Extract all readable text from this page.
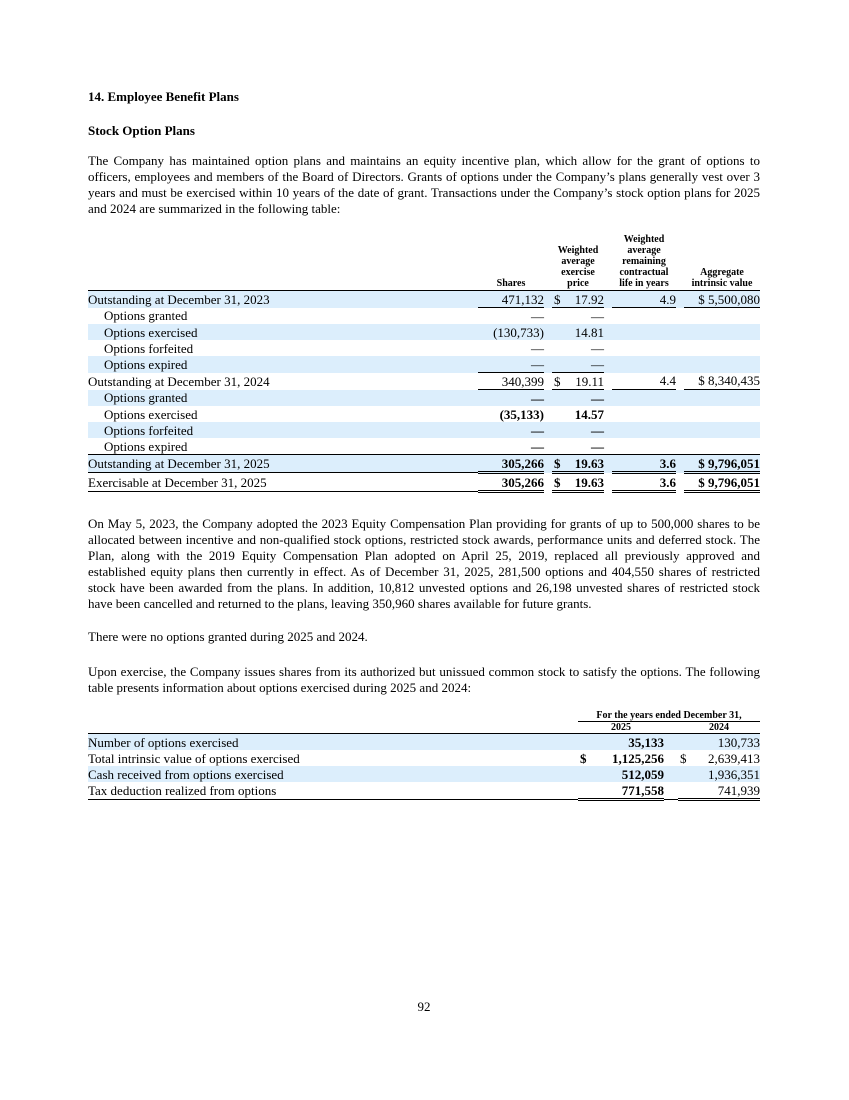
14. Employee Benefit Plans
Stock Option Plans
The Company has maintained option plans and maintains an equity incentive plan, which allow for the grant of options to officers, employees and members of the Board of Directors. Grants of options under the Company’s plans generally vest over 3 years and must be exercised within 10 years of the date of grant. Transactions under the Company’s stock option plans for 2025 and 2024 are summarized in the following table:
	Shares		Weighted average exercise price			Weighted average remaining contractual life in years		Aggregate intrinsic value
Outstanding at December 31, 2023	471,132		$	17.92		4.9		$ 5,500,080
Options granted	—			—				
Options exercised	(130,733)			14.81				
Options forfeited	—			—				
Options expired	—			—				
Outstanding at December 31, 2024	340,399		$	19.11		4.4		$ 8,340,435
Options granted	—			—				
Options exercised	(35,133)			14.57				
Options forfeited	—			—				
Options expired	—			—				
Outstanding at December 31, 2025	305,266		$	19.63		3.6		$ 9,796,051
Exercisable at December 31, 2025	305,266		$	19.63		3.6		$ 9,796,051
On May 5, 2023, the Company adopted the 2023 Equity Compensation Plan providing for grants of up to 500,000 shares to be allocated between incentive and non-qualified stock options, restricted stock awards, performance units and deferred stock. The Plan, along with the 2019 Equity Compensation Plan adopted on April 25, 2019, replaced all previously approved and established equity plans then currently in effect. As of December 31, 2025, 281,500 options and 404,550 shares of restricted stock have been awarded from the plans. In addition, 10,812 unvested options and 26,198 unvested shares of restricted stock have been cancelled and returned to the plans, leaving 350,960 shares available for future grants.
There were no options granted during 2025 and 2024.
Upon exercise, the Company issues shares from its authorized but unissued common stock to satisfy the options. The following table presents information about options exercised during 2025 and 2024:
	For the years ended December 31,				
	2025			2024	
Number of options exercised		35,133			130,733
Total intrinsic value of options exercised	$	1,125,256		$	2,639,413
Cash received from options exercised		512,059			1,936,351
Tax deduction realized from options		771,558			741,939
92
